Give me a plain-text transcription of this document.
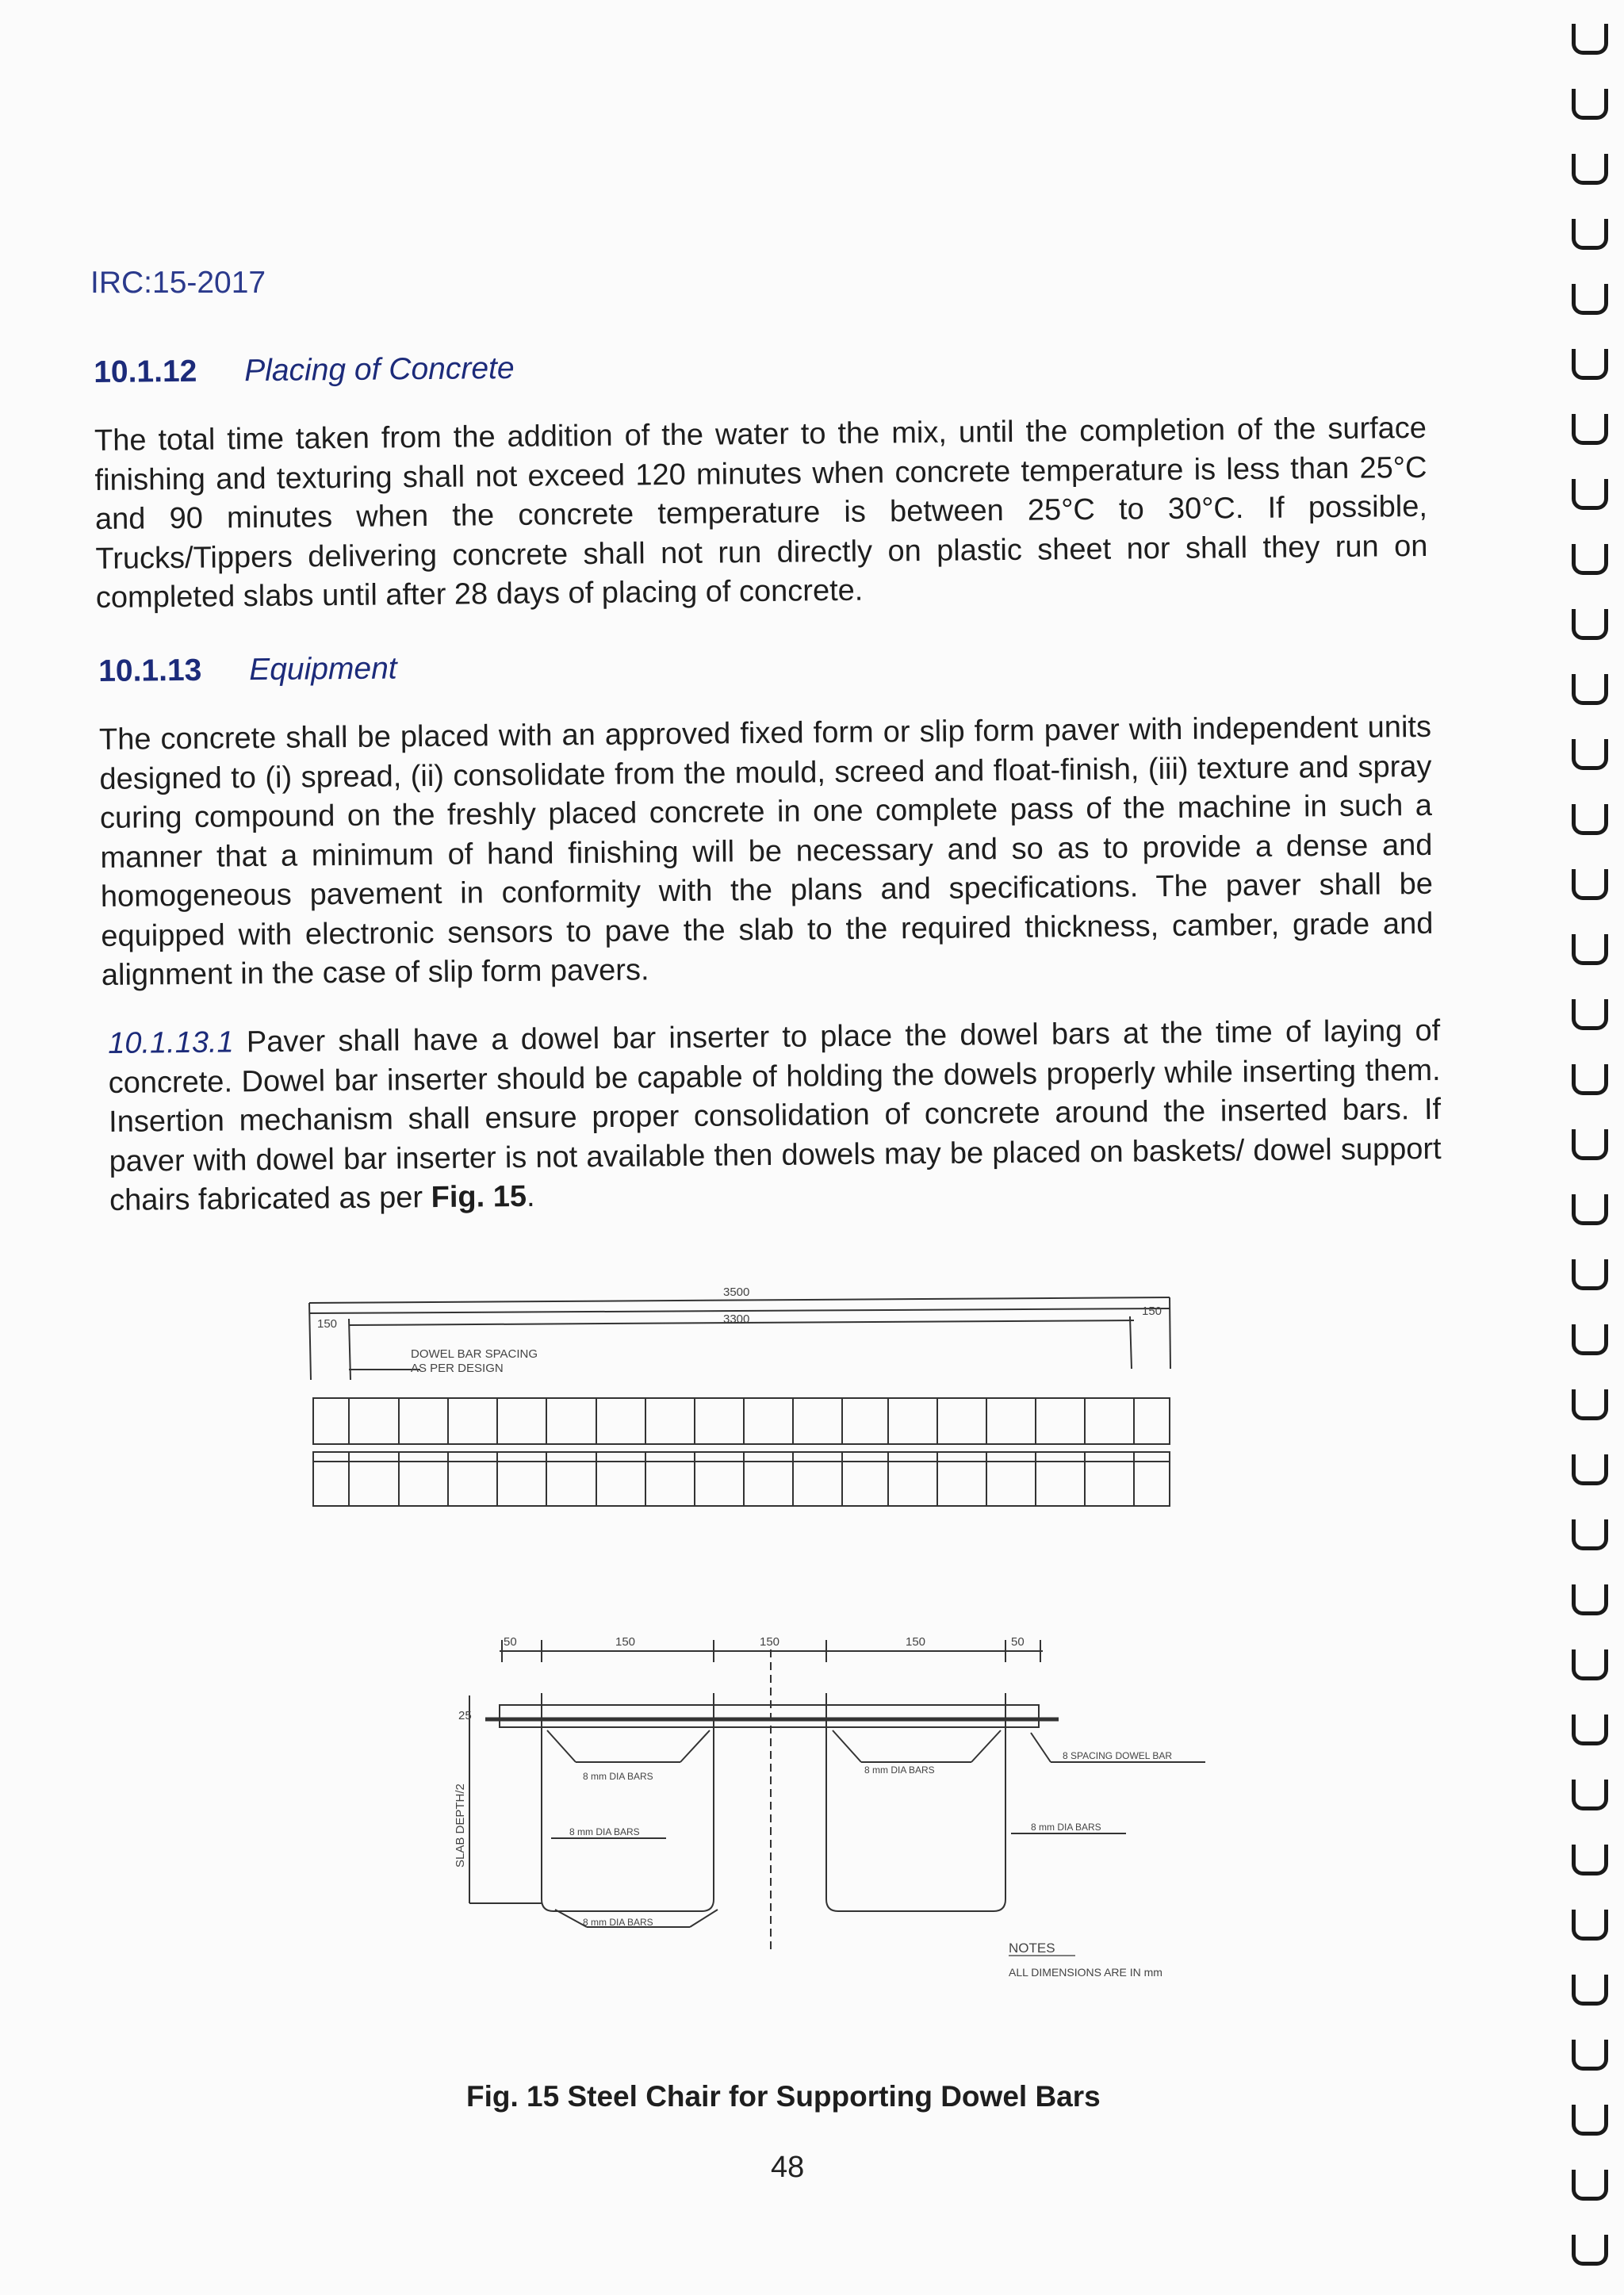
IRC:15-2017
10.1.12 Placing of Concrete

The total time taken from the addition of the water to the mix, until the completion of the surface finishing and texturing shall not exceed 120 minutes when concrete temperature is less than 25°C and 90 minutes when the concrete temperature is between 25°C to 30°C. If possible, Trucks/Tippers delivering concrete shall not run directly on plastic sheet nor shall they run on completed slabs until after 28 days of placing of concrete.

10.1.13 Equipment

The concrete shall be placed with an approved fixed form or slip form paver with independent units designed to (i) spread, (ii) consolidate from the mould, screed and float-finish, (iii) texture and spray curing compound on the freshly placed concrete in one complete pass of the machine in such a manner that a minimum of hand finishing will be necessary and so as to provide a dense and homogeneous pavement in conformity with the plans and specifications. The paver shall be equipped with electronic sensors to pave the slab to the required thickness, camber, grade and alignment in the case of slip form pavers.

10.1.13.1 Paver shall have a dowel bar inserter to place the dowel bars at the time of laying of concrete. Dowel bar inserter should be capable of holding the dowels properly while inserting them. Insertion mechanism shall ensure proper consolidation of concrete around the inserted bars. If paver with dowel bar inserter is not available then dowels may be placed on baskets/ dowel support chairs fabricated as per Fig. 15.

3500
3300
150
150
DOWEL BAR SPACING
AS PER DESIGN
50	150	150	150	50
25
SLAB DEPTH/2
8 SPACING DOWEL BAR
8 mm DIA BARS
8 mm DIA BARS
8 mm DIA BARS	8 mm DIA BARS
8 mm DIA BARS
NOTES
ALL DIMENSIONS ARE IN mm
Fig. 15 Steel Chair for Supporting Dowel Bars
48
